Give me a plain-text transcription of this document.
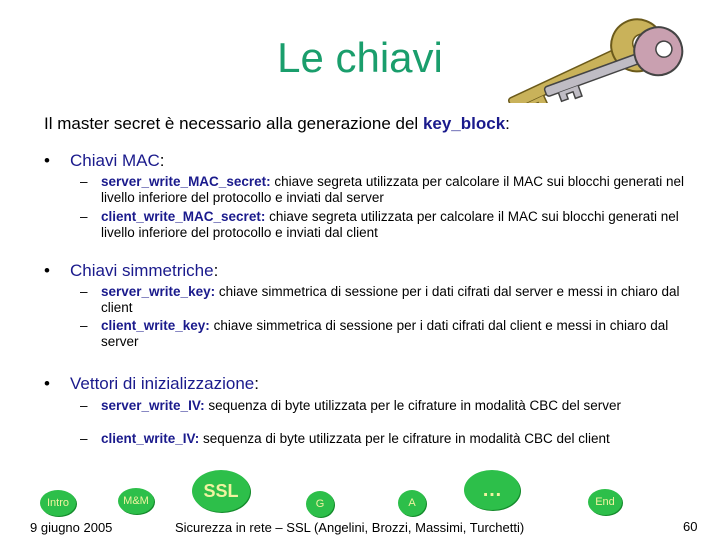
Le chiavi
Il master secret è necessario alla generazione del key_block:
• Chiavi MAC:
– server_write_MAC_secret: chiave segreta utilizzata per calcolare il MAC sui blocchi generati nel livello inferiore del protocollo e inviati dal server
– client_write_MAC_secret: chiave segreta utilizzata per calcolare il MAC sui blocchi generati nel livello inferiore del protocollo e inviati dal client
• Chiavi simmetriche:
– server_write_key: chiave simmetrica di sessione per i dati cifrati dal server e messi in chiaro dal client
– client_write_key: chiave simmetrica di sessione per i dati cifrati dal client e messi in chiaro dal server
• Vettori di inizializzazione:
– server_write_IV: sequenza di byte utilizzata per le cifrature in modalità CBC del server
– client_write_IV: sequenza di byte utilizzata per le cifrature in modalità CBC del client
Intro	M&M
SSL
G	A
…
End
9 giugno 2005	Sicurezza in rete – SSL (Angelini, Brozzi, Massimi, Turchetti)	60
